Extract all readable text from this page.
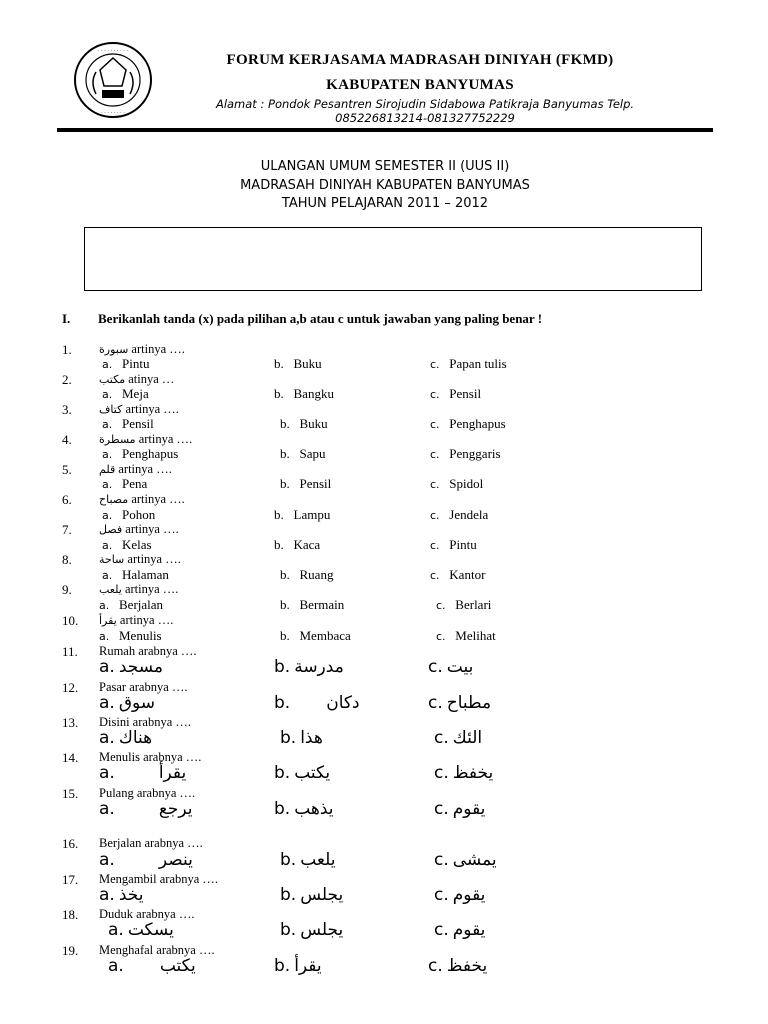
· · · · · · · · · ·
· · · · · · · ·
FORUM KERJASAMA MADRASAH DINIYAH (FKMD)
KABUPATEN BANYUMAS
Alamat : Pondok Pesantren Sirojudin Sidabowa Patikraja Banyumas Telp.
085226813214-081327752229
ULANGAN UMUM SEMESTER II (UUS II)
MADRASAH DINIYAH KABUPATEN BANYUMAS
TAHUN PELAJARAN 2011 – 2012
I. Berikanlah tanda (x) pada pilihan a,b atau c untuk jawaban yang paling benar !
1. سبورة artinya ….
a. Pintu	b. Buku	c. Papan tulis
2. مكتب atinya …
a. Meja	b. Bangku	c. Pensil
3. كتاف artinya ….
a. Pensil	b. Buku	c. Penghapus
4. مسطرة artinya ….
a. Penghapus	b. Sapu	c. Penggaris
5. قلم artinya ….
a. Pena	b. Pensil	c. Spidol
6. مصباح artinya ….
a. Pohon	b. Lampu	c. Jendela
7. فصل artinya ….
a. Kelas	b. Kaca	c. Pintu
8. ساحة artinya ….
a. Halaman	b. Ruang	c. Kantor
9. يلعب artinya ….
a. Berjalan	b. Bermain	c. Berlari
10. يقرأ artinya ….
a. Menulis	b. Membaca	c. Melihat
11. Rumah arabnya ….
a. مسجد	b. مدرسة	c. بيت
12. Pasar arabnya ….
a. سوق	b. دكان	c. مطباح
13. Disini arabnya ….
a. هناك	b. هذا	c. الئك
14. Menulis arabnya ….
a.	يقرأ	b. يكتب	c. يخفظ
15. Pulang arabnya ….
a.	يرجع	b. يذهب	c. يقوم
16. Berjalan arabnya ….
a.	ينصر	b. يلعب	c. يمشى
17. Mengambil arabnya ….
a. يخذ	b. يجلس	c. يقوم
18. Duduk arabnya ….
a. يسكت	b. يجلس	c. يقوم
19. Menghafal arabnya ….
a. يكتب	b. يقرأ	c. يخفظ
